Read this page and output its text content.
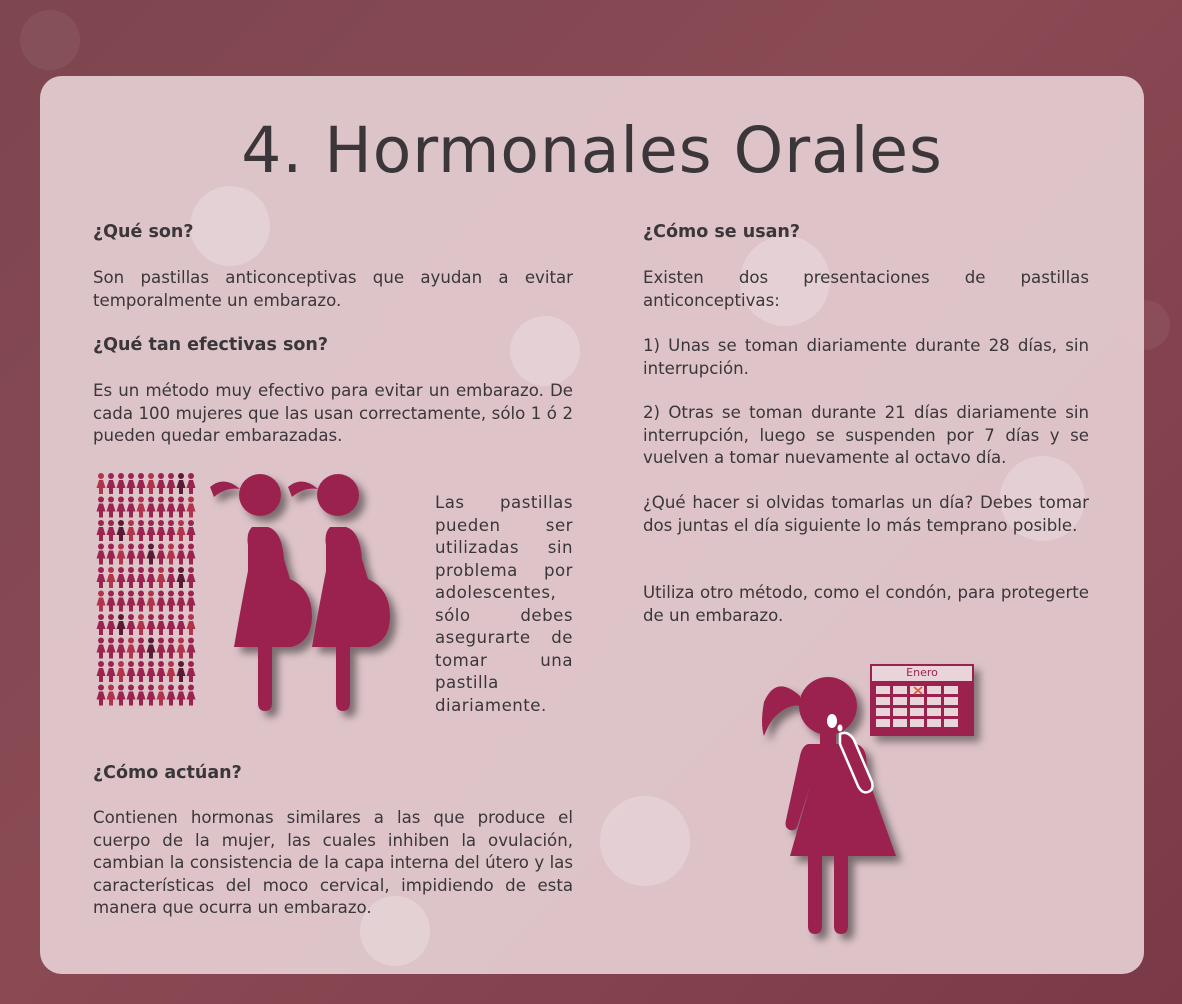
4. Hormonales Orales
¿Qué son?

Son pastillas anticonceptivas que ayudan a evitar temporalmente un embarazo.

¿Qué tan efectivas son?

Es un método muy efectivo para evitar un embarazo. De cada 100 mujeres que las usan correctamente, sólo 1 ó 2 pueden quedar embarazadas.

Las pastillas pueden ser utilizadas sin problema por adolescentes, sólo debes asegurarte de tomar una pastilla diariamente.
¿Cómo actúan?

Contienen hormonas similares a las que produce el cuerpo de la mujer, las cuales inhiben la ovulación, cambian la consistencia de la capa interna del útero y las características del moco cervical, impidiendo de esta manera que ocurra un embarazo.

¿Cómo se usan?

Existen dos presentaciones de pastillas anticonceptivas:

1) Unas se toman diariamente durante 28 días, sin interrupción.

2) Otras se toman durante 21 días diariamente sin interrupción, luego se suspenden por 7 días y se vuelven a tomar nuevamente al octavo día.

¿Qué hacer si olvidas tomarlas un día? Debes tomar dos juntas el día siguiente lo más temprano posible.

Utiliza otro método, como el condón, para protegerte de un embarazo.

Enero
